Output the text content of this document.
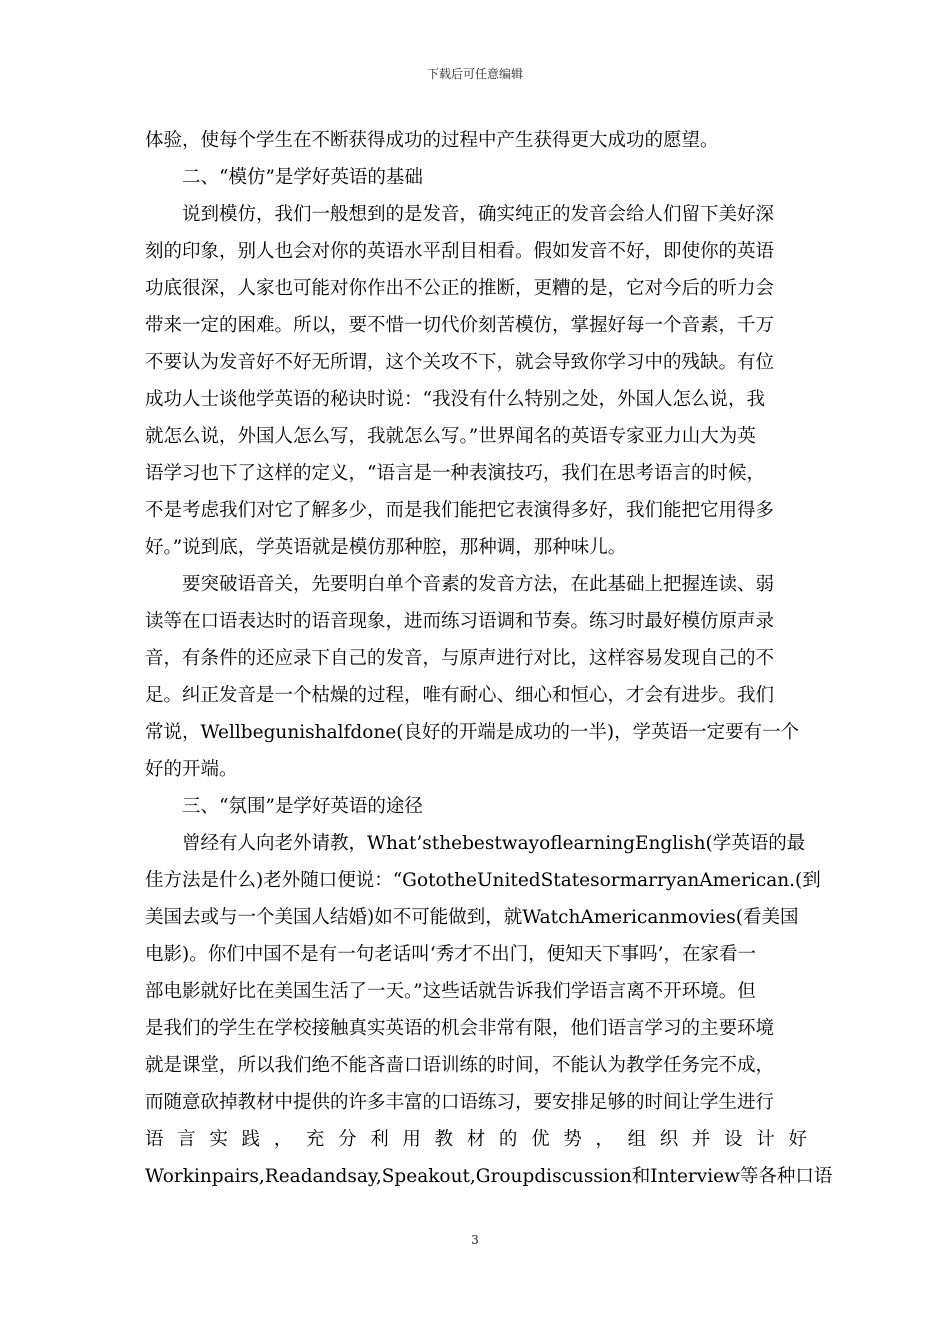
下载后可任意编辑
体验，使每个学生在不断获得成功的过程中产生获得更大成功的愿望。
二、“模仿”是学好英语的基础
说到模仿，我们一般想到的是发音，确实纯正的发音会给人们留下美好深
刻的印象，别人也会对你的英语水平刮目相看。假如发音不好，即使你的英语
功底很深，人家也可能对你作出不公正的推断，更糟的是，它对今后的听力会
带来一定的困难。所以，要不惜一切代价刻苦模仿，掌握好每一个音素，千万
不要认为发音好不好无所谓，这个关攻不下，就会导致你学习中的残缺。有位
成功人士谈他学英语的秘诀时说：“我没有什么特别之处，外国人怎么说，我
就怎么说，外国人怎么写，我就怎么写。”世界闻名的英语专家亚力山大为英
语学习也下了这样的定义，“语言是一种表演技巧，我们在思考语言的时候，
不是考虑我们对它了解多少，而是我们能把它表演得多好，我们能把它用得多
好。”说到底，学英语就是模仿那种腔，那种调，那种味儿。
要突破语音关，先要明白单个音素的发音方法，在此基础上把握连读、弱
读等在口语表达时的语音现象，进而练习语调和节奏。练习时最好模仿原声录
音，有条件的还应录下自己的发音，与原声进行对比，这样容易发现自己的不
足。纠正发音是一个枯燥的过程，唯有耐心、细心和恒心，才会有进步。我们
常说，Wellbegunishalfdone(良好的开端是成功的一半)，学英语一定要有一个
好的开端。
三、“氛围”是学好英语的途径
曾经有人向老外请教，What’sthebestwayoflearningEnglish(学英语的最
佳方法是什么)老外随口便说：“GototheUnitedStatesormarryanAmerican.(到
美国去或与一个美国人结婚)如不可能做到，就WatchAmericanmovies(看美国
电影)。你们中国不是有一句老话叫‘秀才不出门，便知天下事吗’，在家看一
部电影就好比在美国生活了一天。”这些话就告诉我们学语言离不开环境。但
是我们的学生在学校接触真实英语的机会非常有限，他们语言学习的主要环境
就是课堂，所以我们绝不能吝啬口语训练的时间，不能认为教学任务完不成，
而随意砍掉教材中提供的许多丰富的口语练习，要安排足够的时间让学生进行
语 言 实 践 ， 充 分 利 用 教 材 的 优 势 ， 组 织 并 设 计 好
Workinpairs,Readandsay,Speakout,Groupdiscussion和Interview等各种口语
3
